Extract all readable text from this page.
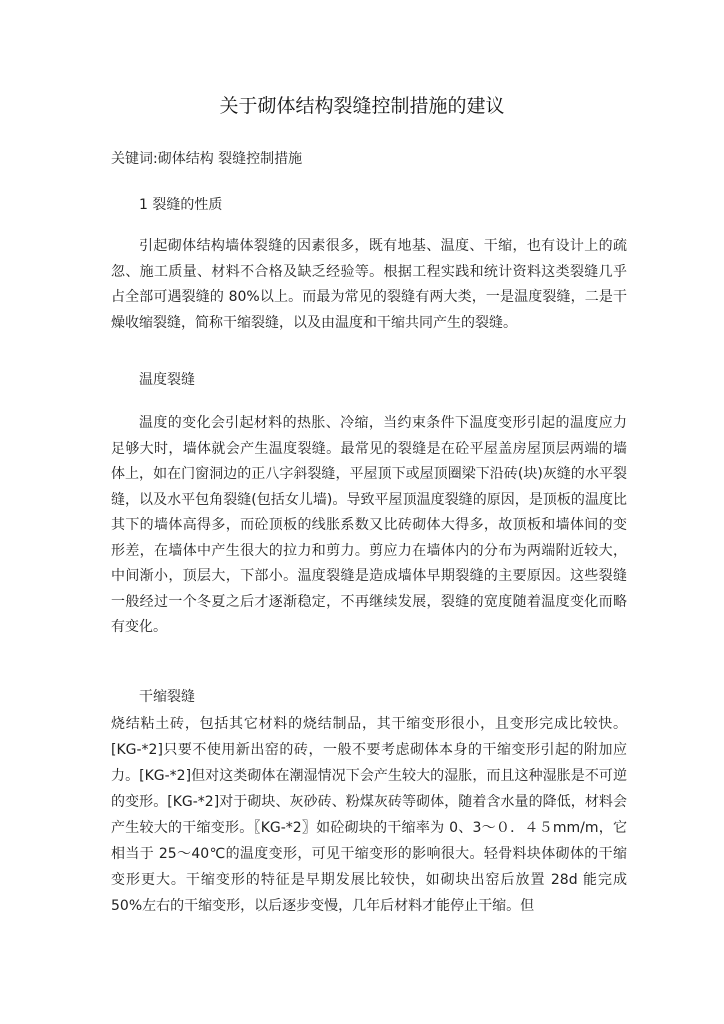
关于砌体结构裂缝控制措施的建议

关键词:砌体结构 裂缝控制措施

1 裂缝的性质

引起砌体结构墙体裂缝的因素很多，既有地基、温度、干缩，也有设计上的疏忽、施工质量、材料不合格及缺乏经验等。根据工程实践和统计资料这类裂缝几乎占全部可遇裂缝的 80%以上。而最为常见的裂缝有两大类，一是温度裂缝，二是干燥收缩裂缝，简称干缩裂缝，以及由温度和干缩共同产生的裂缝。

温度裂缝

温度的变化会引起材料的热胀、冷缩，当约束条件下温度变形引起的温度应力足够大时，墙体就会产生温度裂缝。最常见的裂缝是在砼平屋盖房屋顶层两端的墙体上，如在门窗洞边的正八字斜裂缝，平屋顶下或屋顶圈梁下沿砖(块)灰缝的水平裂缝，以及水平包角裂缝(包括女儿墙)。导致平屋顶温度裂缝的原因，是顶板的温度比其下的墙体高得多，而砼顶板的线胀系数又比砖砌体大得多，故顶板和墙体间的变形差，在墙体中产生很大的拉力和剪力。剪应力在墙体内的分布为两端附近较大，中间渐小，顶层大，下部小。温度裂缝是造成墙体早期裂缝的主要原因。这些裂缝一般经过一个冬夏之后才逐渐稳定，不再继续发展，裂缝的宽度随着温度变化而略有变化。

干缩裂缝

烧结粘土砖，包括其它材料的烧结制品，其干缩变形很小，且变形完成比较快。[KG-*2]只要不使用新出窑的砖，一般不要考虑砌体本身的干缩变形引起的附加应力。[KG-*2]但对这类砌体在潮湿情况下会产生较大的湿胀，而且这种湿胀是不可逆的变形。[KG-*2]对于砌块、灰砂砖、粉煤灰砖等砌体，随着含水量的降低，材料会产生较大的干缩变形。〖KG-*2〗如砼砌块的干缩率为 0、3～０．４５mm/m，它相当于 25～40℃的温度变形，可见干缩变形的影响很大。轻骨料块体砌体的干缩变形更大。干缩变形的特征是早期发展比较快，如砌块出窑后放置 28d 能完成 50%左右的干缩变形，以后逐步变慢，几年后材料才能停止干缩。但
